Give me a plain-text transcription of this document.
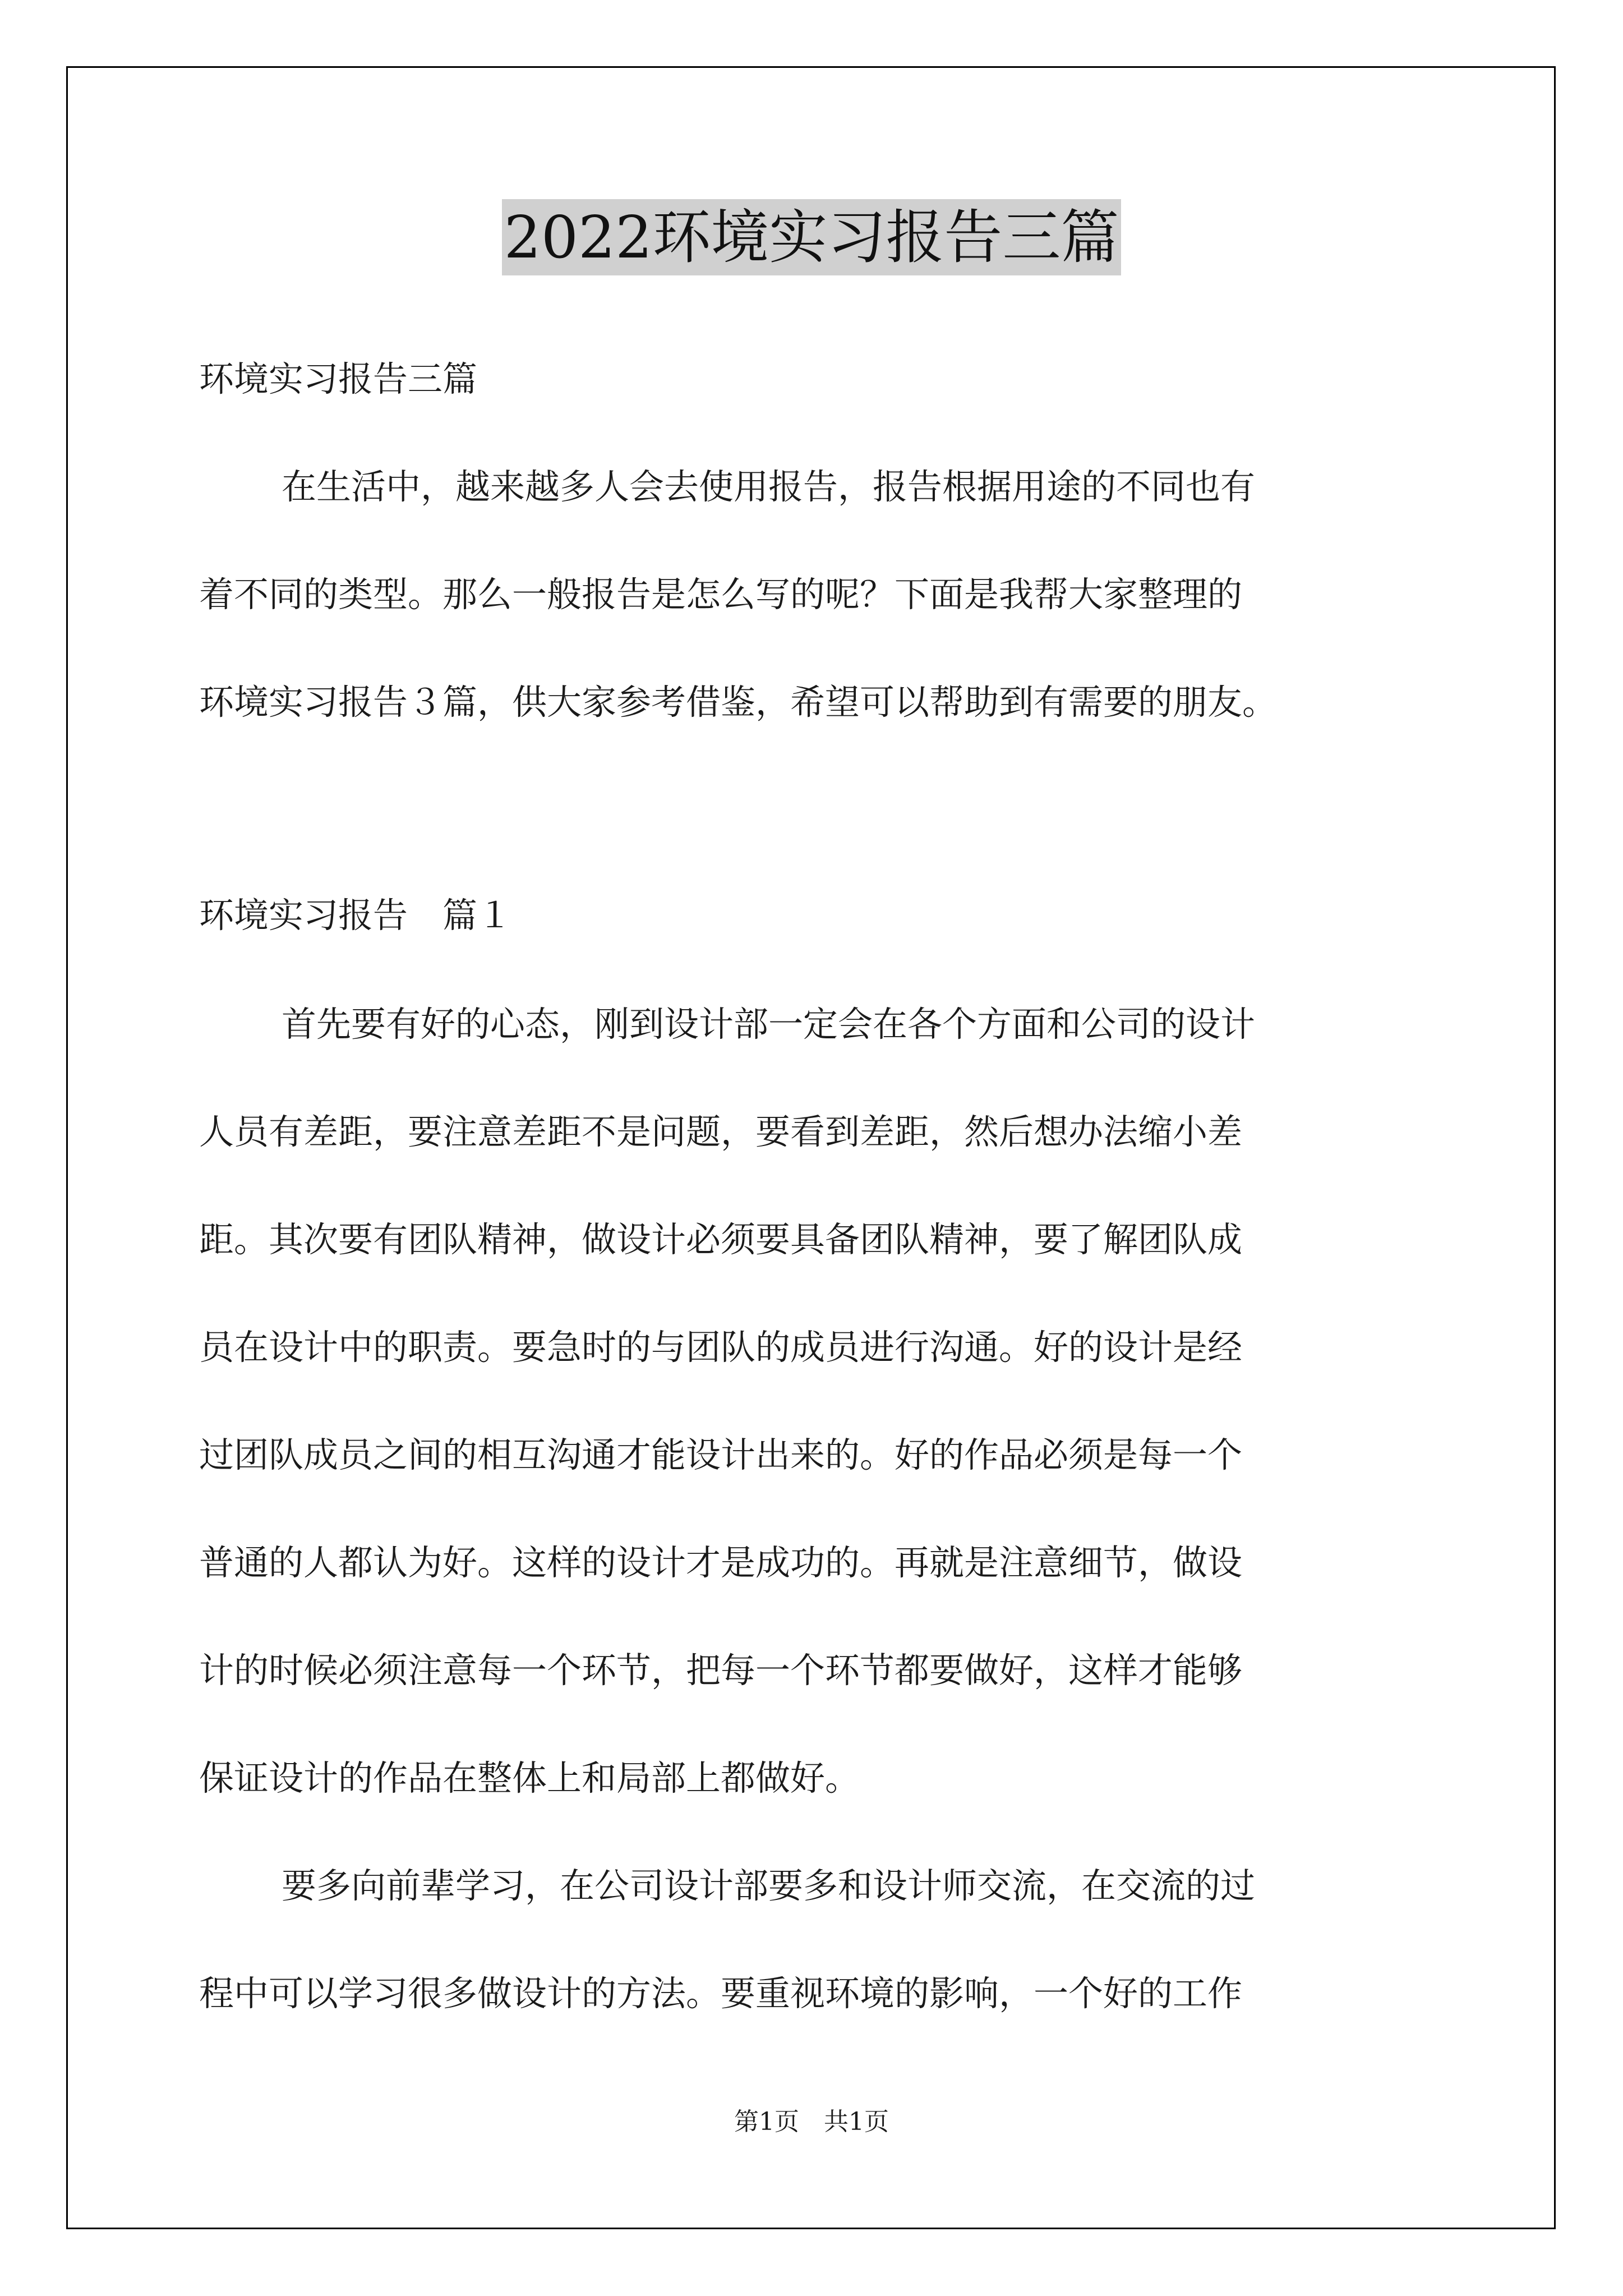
2022环境实习报告三篇
环境实习报告三篇
在生活中，越来越多人会去使用报告，报告根据用途的不同也有
着不同的类型。那么一般报告是怎么写的呢？下面是我帮大家整理的
环境实习报告３篇，供大家参考借鉴，希望可以帮助到有需要的朋友。
环境实习报告　篇１
首先要有好的心态，刚到设计部一定会在各个方面和公司的设计
人员有差距，要注意差距不是问题，要看到差距，然后想办法缩小差
距。其次要有团队精神，做设计必须要具备团队精神，要了解团队成
员在设计中的职责。要急时的与团队的成员进行沟通。好的设计是经
过团队成员之间的相互沟通才能设计出来的。好的作品必须是每一个
普通的人都认为好。这样的设计才是成功的。再就是注意细节，做设
计的时候必须注意每一个环节，把每一个环节都要做好，这样才能够
保证设计的作品在整体上和局部上都做好。
要多向前辈学习，在公司设计部要多和设计师交流，在交流的过
程中可以学习很多做设计的方法。要重视环境的影响，一个好的工作
第1页　共1页
